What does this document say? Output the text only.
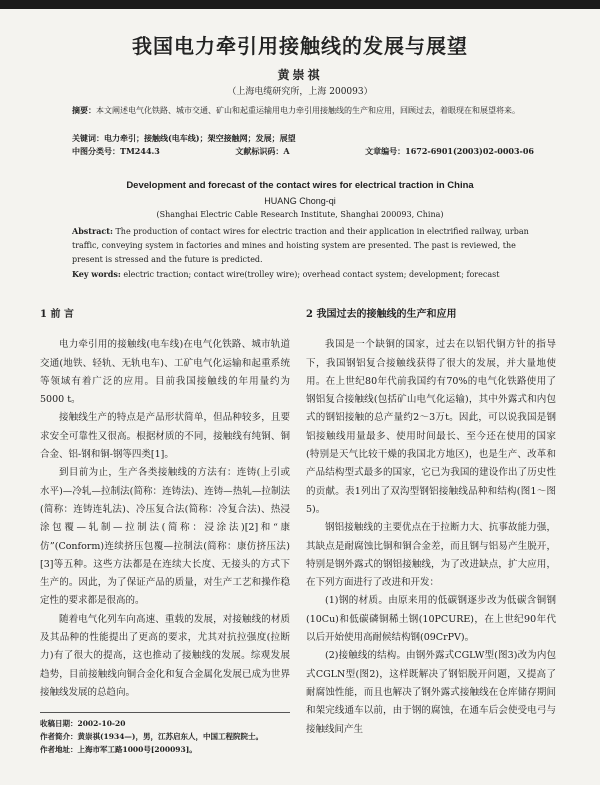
我国电力牵引用接触线的发展与展望
黄崇祺
（上海电缆研究所，上海 200093）
摘要：本文阐述电气化铁路、城市交通、矿山和起重运输用电力牵引用接触线的生产和应用，回顾过去，着眼现在和展望将来。
关键词：电力牵引；接触线(电车线)；架空接触网；发展；展望
中图分类号：TM244.3	文献标识码：A	文章编号：1672-6901(2003)02-0003-06
Development and forecast of the contact wires for electrical traction in China
HUANG Chong-qi
(Shanghai Electric Cable Research Institute, Shanghai 200093, China)
Abstract: The production of contact wires for electric traction and their application in electrified railway, urban traffic, conveying system in factories and mines and hoisting system are presented. The past is reviewed, the present is stressed and the future is predicted.
Key words: electric traction; contact wire(trolley wire); overhead contact system; development; forecast
1 前 言

电力牵引用的接触线(电车线)在电气化铁路、城市轨道交通(地铁、轻轨、无轨电车)、工矿电气化运输和起重系统等领域有着广泛的应用。目前我国接触线的年用量约为5000 t。

接触线生产的特点是产品形状简单，但品种较多，且要求安全可靠性又很高。根据材质的不同，接触线有纯铜、铜合金、铝-钢和铜-钢等四类[1]。

到目前为止，生产各类接触线的方法有：连铸(上引或水平)—冷轧—拉制法(简称：连铸法)、连铸—热轧—拉制法(简称：连铸连轧法)、冷压复合法(简称：冷复合法)、热浸涂包覆—轧制—拉制法(简称：浸涂法)[2]和“康仿”(Conform)连续挤压包覆—拉制法(简称：康仿挤压法)[3]等五种。这些方法都是在连续大长度、无接头的方式下生产的。因此，为了保证产品的质量，对生产工艺和操作稳定性的要求都是很高的。

随着电气化列车向高速、重载的发展，对接触线的材质及其品种的性能提出了更高的要求，尤其对抗拉强度(拉断力)有了很大的提高，这也推动了接触线的发展。综观发展趋势，目前接触线向铜合金化和复合金属化发展已成为世界接触线发展的总趋向。

2 我国过去的接触线的生产和应用

我国是一个缺铜的国家，过去在以铝代铜方针的指导下，我国钢铝复合接触线获得了很大的发展，并大量地使用。在上世纪80年代前我国约有70%的电气化铁路使用了钢铝复合接触线(包括矿山电气化运输)，其中外露式和内包式的钢铝接触的总产量约2～3万t。因此，可以说我国是钢铝接触线用量最多、使用时间最长、至今还在使用的国家(特别是天气比较干燥的我国北方地区)，也是生产、改革和产品结构型式最多的国家，它已为我国的建设作出了历史性的贡献。表1列出了双沟型钢铝接触线品种和结构(图1～图5)。

钢铝接触线的主要优点在于拉断力大、抗事故能力强，其缺点是耐腐蚀比铜和铜合金差，而且钢与铝易产生脱开，特别是钢外露式的钢铝接触线，为了改进缺点，扩大应用，在下列方面进行了改进和开发：

(1)钢的材质。由原来用的低碳钢逐步改为低碳含铜钢(10Cu)和低碳磷铜稀土钢(10PCURE)，在上世纪90年代以后开始使用高耐候结构钢(09CrPV)。

(2)接触线的结构。由钢外露式CGLW型(图3)改为内包式CGLN型(图2)，这样既解决了钢铝脱开问题，又提高了耐腐蚀性能，而且也解决了钢外露式接触线在仓库储存期间和架完线通车以前，由于钢的腐蚀，在通车后会使受电弓与接触线间产生

收稿日期：2002-10-20
作者简介：黄崇祺(1934—)，男，江苏启东人，中国工程院院士。
作者地址：上海市军工路1000号[200093]。
